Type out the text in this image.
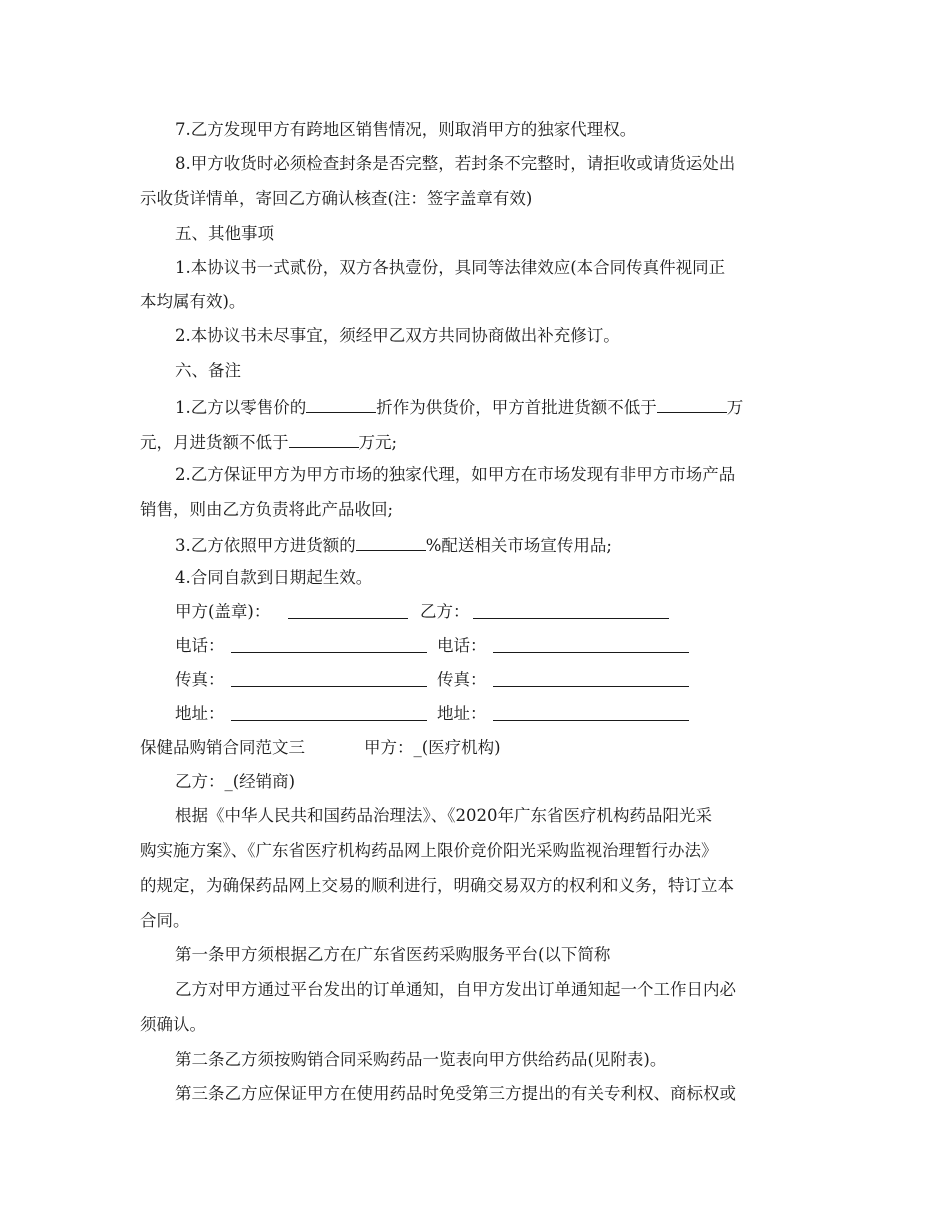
7.乙方发现甲方有跨地区销售情况，则取消甲方的独家代理权。
8.甲方收货时必须检查封条是否完整，若封条不完整时，请拒收或请货运处出
示收货详情单，寄回乙方确认核查(注：签字盖章有效)
五、其他事项
1.本协议书一式贰份，双方各执壹份，具同等法律效应(本合同传真件视同正
本均属有效)。
2.本协议书未尽事宜，须经甲乙双方共同协商做出补充修订。
六、备注
1.乙方以零售价的	折作为供货价，甲方首批进货额不低于	万
元，月进货额不低于	万元;
2.乙方保证甲方为甲方市场的独家代理，如甲方在市场发现有非甲方市场产品
销售，则由乙方负责将此产品收回;
3.乙方依照甲方进货额的	%配送相关市场宣传用品;
4.合同自款到日期起生效。
甲方(盖章)：	乙方：
电话：	电话：
传真：	传真：
地址：	地址：
保健品购销合同范文三	甲方：_(医疗机构)
乙方：_(经销商)
根据《中华人民共和国药品治理法》、《2020年广东省医疗机构药品阳光采
购实施方案》、《广东省医疗机构药品网上限价竞价阳光采购监视治理暂行办法》
的规定，为确保药品网上交易的顺利进行，明确交易双方的权利和义务，特订立本
合同。
第一条甲方须根据乙方在广东省医药采购服务平台(以下简称
乙方对甲方通过平台发出的订单通知，自甲方发出订单通知起一个工作日内必
须确认。
第二条乙方须按购销合同采购药品一览表向甲方供给药品(见附表)。
第三条乙方应保证甲方在使用药品时免受第三方提出的有关专利权、商标权或
